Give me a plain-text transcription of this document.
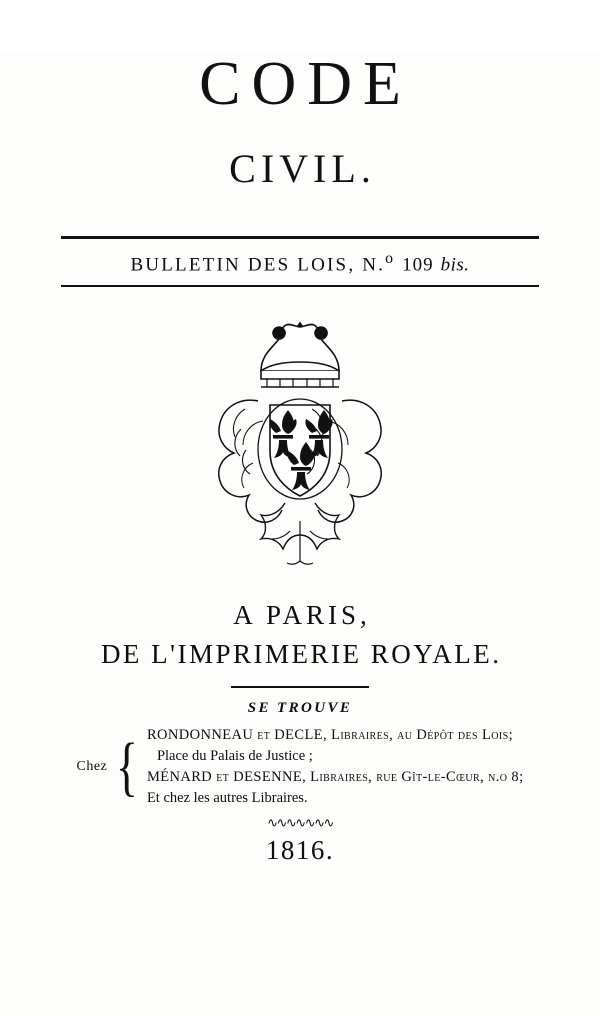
CODE
CIVIL.
BULLETIN DES LOIS, N.$^o$ 109 bis.
A PARIS,
DE L'IMPRIMERIE ROYALE.
SE TROUVE
Chez { RONDONNEAU et DECLE, Libraires, au Dépôt des Lois;
Place du Palais de Justice ;
MÉNARD et DESENNE, Libraires, rue Gît-le-Cœur, n.o 8;
Et chez les autres Libraires.
∿∿∿∿∿∿∿
1816.
